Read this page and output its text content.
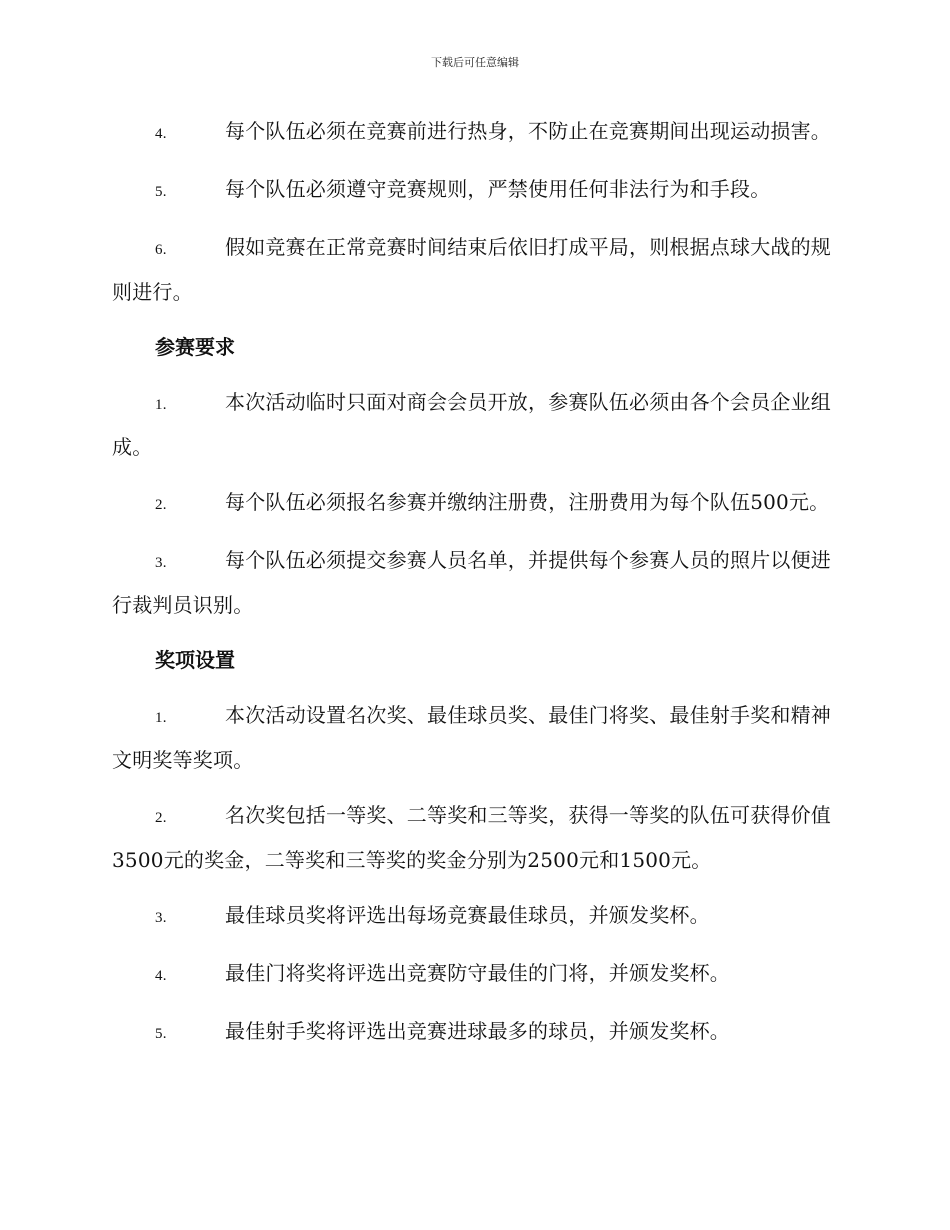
下载后可任意编辑
4.	每个队伍必须在竞赛前进行热身，不防止在竞赛期间出现运动损害。
5.	每个队伍必须遵守竞赛规则，严禁使用任何非法行为和手段。
6.	假如竞赛在正常竞赛时间结束后依旧打成平局，则根据点球大战的规则进行。
参赛要求
1.	本次活动临时只面对商会会员开放，参赛队伍必须由各个会员企业组成。
2.	每个队伍必须报名参赛并缴纳注册费，注册费用为每个队伍500元。
3.	每个队伍必须提交参赛人员名单，并提供每个参赛人员的照片以便进行裁判员识别。
奖项设置
1.	本次活动设置名次奖、最佳球员奖、最佳门将奖、最佳射手奖和精神文明奖等奖项。
2.	名次奖包括一等奖、二等奖和三等奖，获得一等奖的队伍可获得价值3500元的奖金，二等奖和三等奖的奖金分别为2500元和1500元。
3.	最佳球员奖将评选出每场竞赛最佳球员，并颁发奖杯。
4.	最佳门将奖将评选出竞赛防守最佳的门将，并颁发奖杯。
5.	最佳射手奖将评选出竞赛进球最多的球员，并颁发奖杯。
